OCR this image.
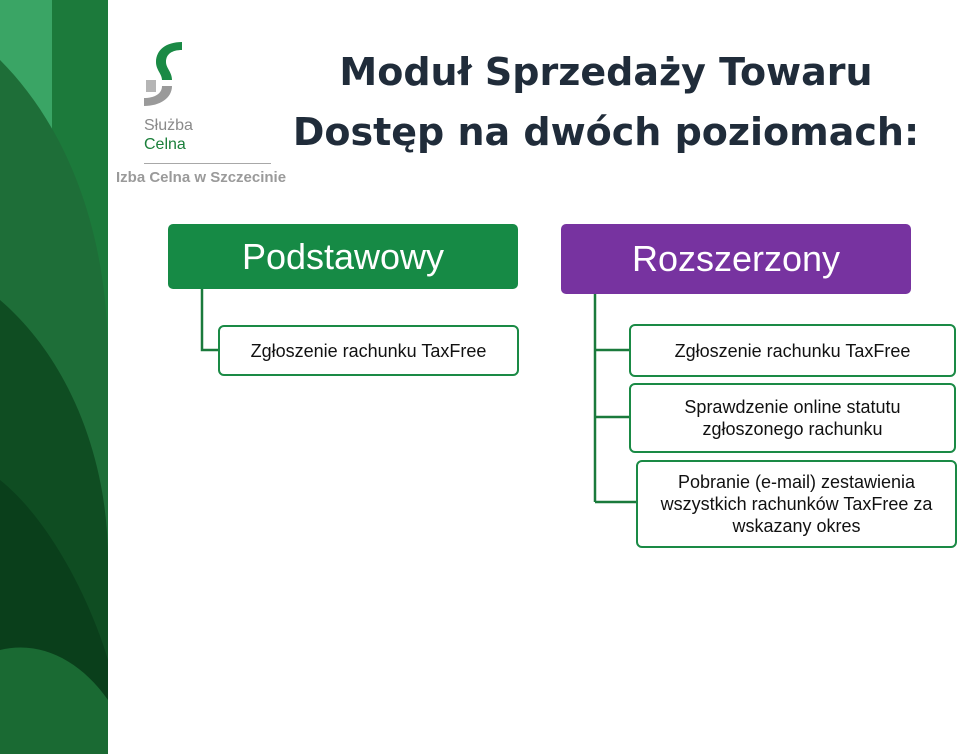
Służba
Celna
Izba Celna w Szczecinie
Moduł Sprzedaży Towaru
Dostęp na dwóch poziomach:
Podstawowy	Rozszerzony
Zgłoszenie rachunku TaxFree	Zgłoszenie rachunku TaxFree
Sprawdzenie online statutu zgłoszonego rachunku
Pobranie (e-mail) zestawienia wszystkich rachunków TaxFree za wskazany okres
